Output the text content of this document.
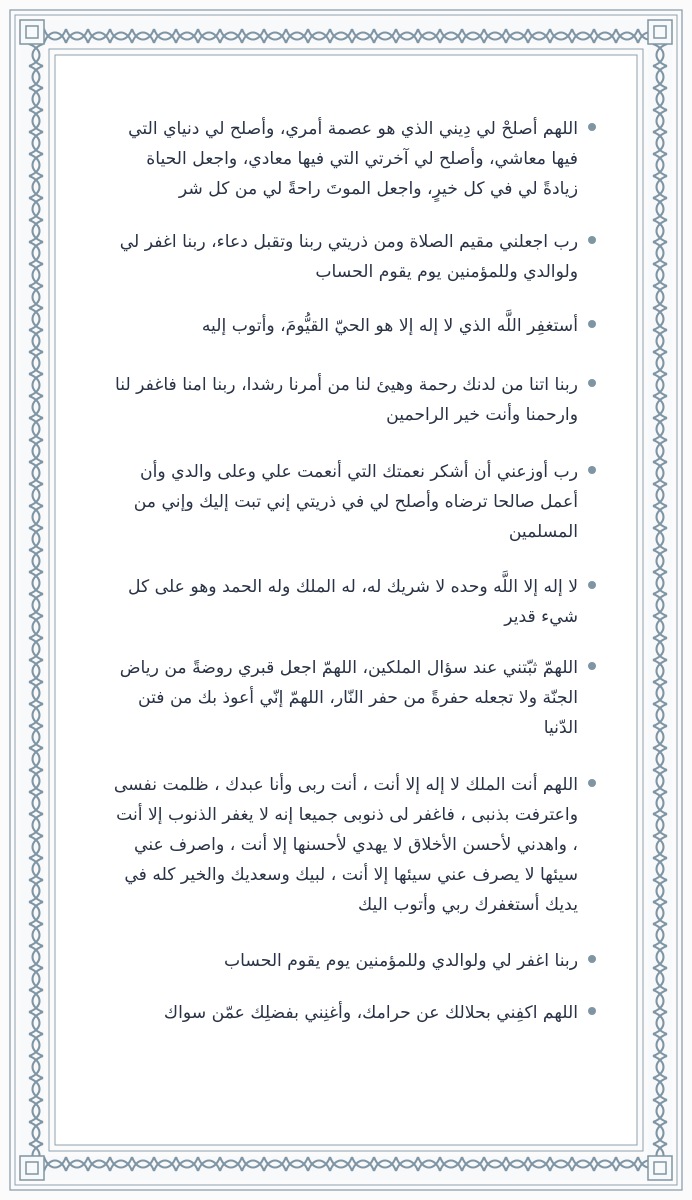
اللهم أصلحْ لي دِيني الذي هو عصمة أمري، وأصلح لي دنياي التي فيها معاشي، وأصلح لي آخرتي التي فيها معادي، واجعل الحياة زيادةً لي في كل خيرٍ، واجعل الموتَ راحةً لي من كل شر
رب اجعلني مقيم الصلاة ومن ذريتي ربنا وتقبل دعاء، ربنا اغفر لي ولوالدي وللمؤمنين يوم يقوم الحساب
أستغفِر اللَّه الذي لا إله إلا هو الحيّ القيُّومَ، وأتوب إليه
ربنا اتنا من لدنك رحمة وهيئ لنا من أمرنا رشدا، ربنا امنا فاغفر لنا وارحمنا وأنت خير الراحمين
رب أوزعني أن أشكر نعمتك التي أنعمت علي وعلى والدي وأن أعمل صالحا ترضاه وأصلح لي في ذريتي إني تبت إليك وإني من المسلمين
لا إله إلا اللَّه وحده لا شريك له، له الملك وله الحمد وهو على كل شيء قدير
اللهمّ ثبّتني عند سؤال الملكين، اللهمّ اجعل قبري روضةً من رياض الجنّة ولا تجعله حفرةً من حفر النّار، اللهمّ إنّي أعوذ بك من فتن الدّنيا
اللهم أنت الملك لا إله إلا أنت ، أنت ربى وأنا عبدك ، ظلمت نفسى واعترفت بذنبى ، فاغفر لى ذنوبى جميعا إنه لا يغفر الذنوب إلا أنت ، واهدني لأحسن الأخلاق لا يهدي لأحسنها إلا أنت ، واصرف عني سيئها لا يصرف عني سيئها إلا أنت ، لبيك وسعديك والخير كله في يديك أستغفرك ربي وأتوب اليك
ربنا اغفر لي ولوالدي وللمؤمنين يوم يقوم الحساب
اللهم اكفِني بحلالك عن حرامك، وأغنِني بفضلِك عمّن سواك
